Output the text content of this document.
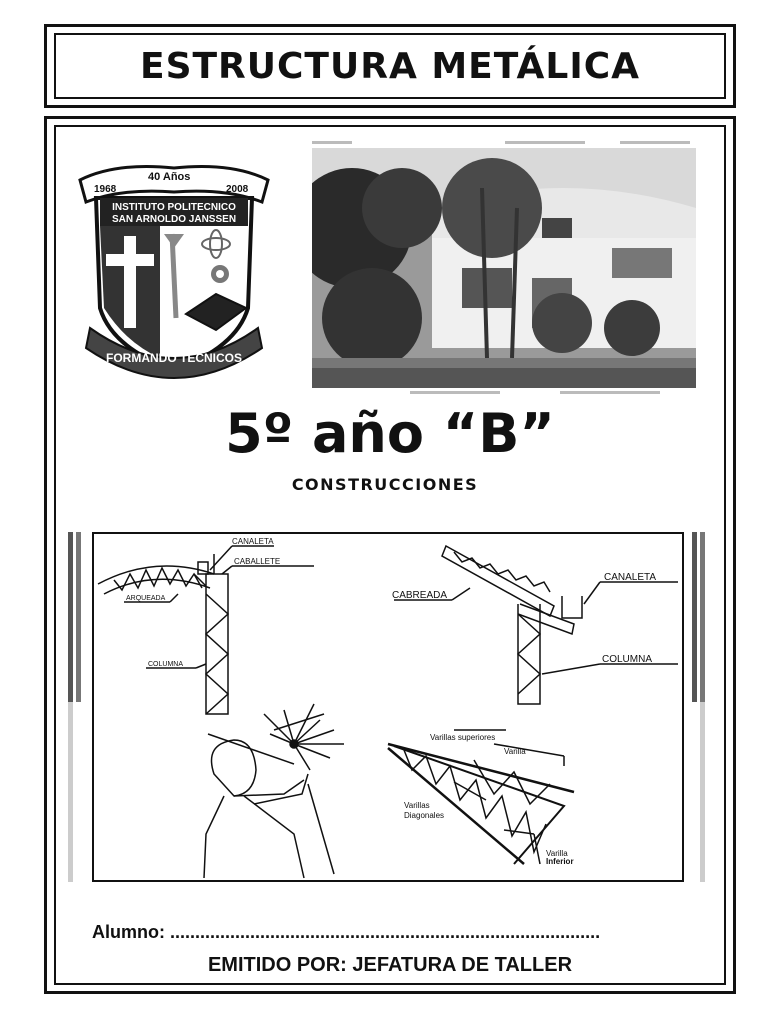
ESTRUCTURA METÁLICA
40 Años
1968	2008
INSTITUTO POLITECNICO
SAN ARNOLDO JANSSEN
FORMANDO TÉCNICOS
5º año “B”
CONSTRUCCIONES
CANALETA
CABALLETE
ARQUEADA
COLUMNA
CABREADA
CANALETA
COLUMNA
Varillas superiores
Varilla
Varillas
Diagonales
Varilla
Inferior
Alumno: ......................................................................................
EMITIDO POR: JEFATURA DE TALLER
